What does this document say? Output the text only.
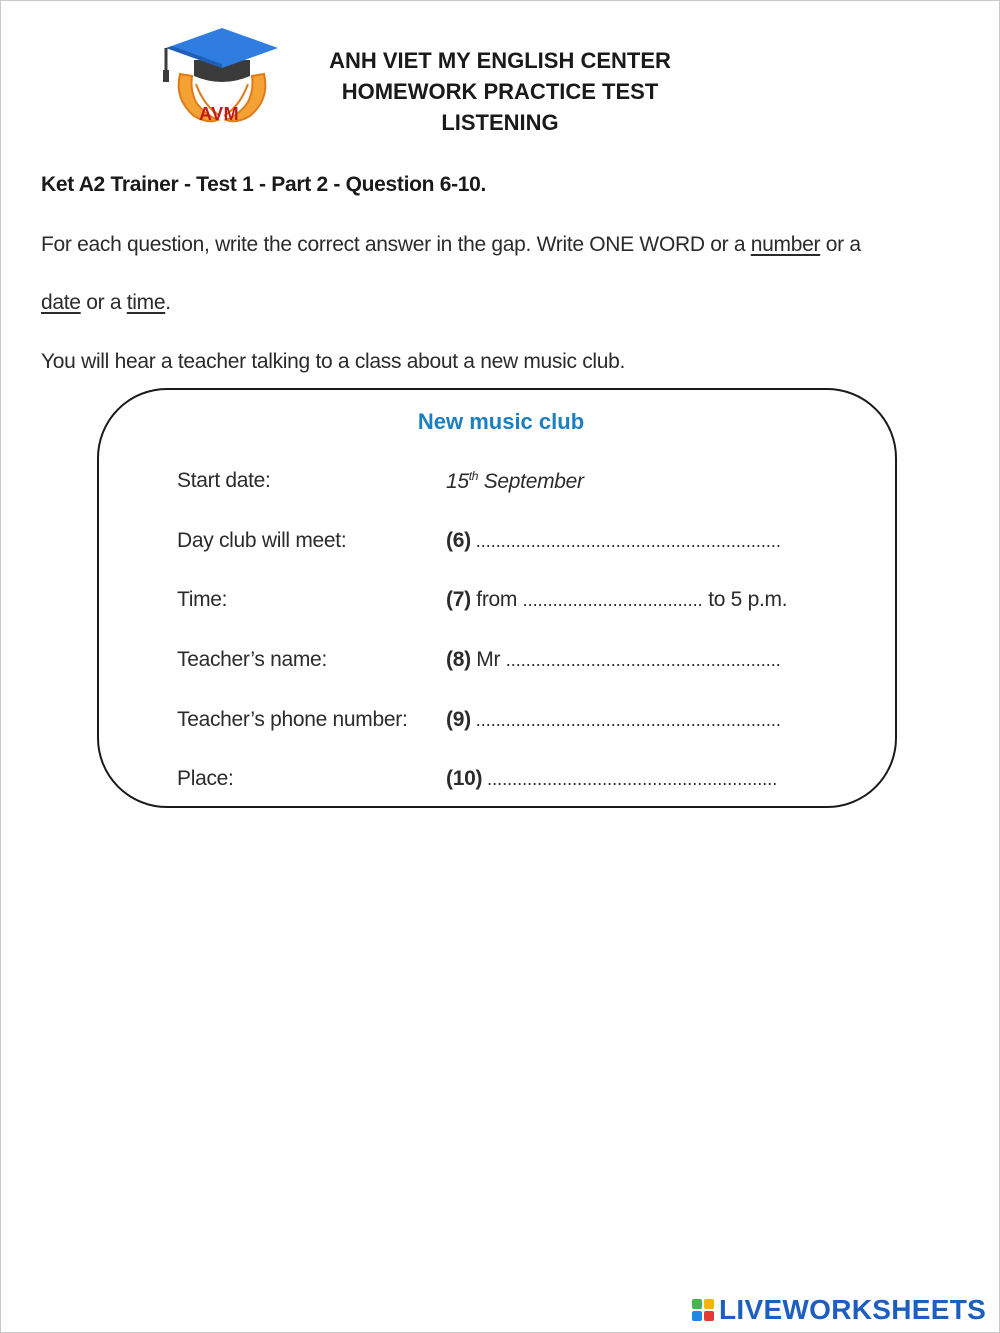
AVM
ANH VIET MY ENGLISH CENTER
HOMEWORK PRACTICE TEST
LISTENING
Ket A2 Trainer - Test 1 - Part 2 - Question 6-10.
For each question, write the correct answer in the gap. Write ONE WORD or a number or a
date or a time.
You will hear a teacher talking to a class about a new music club.
New music club
Start date:	15th September
Day club will meet:	(6) .............................................................
Time:	(7) from .................................... to 5 p.m.
Teacher’s name:	(8) Mr .......................................................
Teacher’s phone number: (9) .............................................................
Place:	(10) ..........................................................
LIVEWORKSHEETS
